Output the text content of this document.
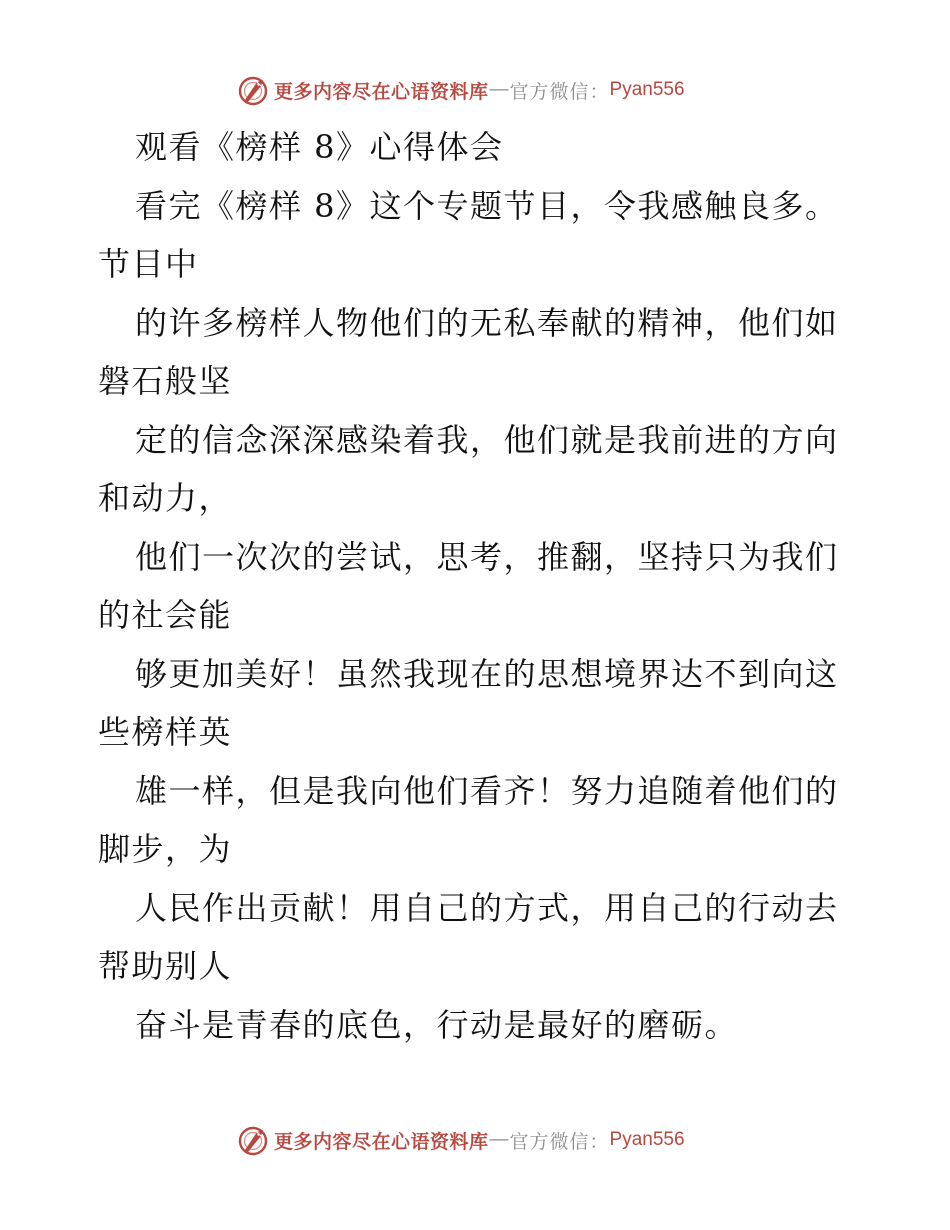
更多内容尽在心语资料库 — 官方微信： Pyan556
观看《榜样 8》心得体会
看完《榜样 8》这个专题节目，令我感触良多。
节目中
的许多榜样人物他们的无私奉献的精神，他们如
磐石般坚
定的信念深深感染着我，他们就是我前进的方向
和动力，
他们一次次的尝试，思考，推翻，坚持只为我们
的社会能
够更加美好！虽然我现在的思想境界达不到向这
些榜样英
雄一样，但是我向他们看齐！努力追随着他们的
脚步，为
人民作出贡献！用自己的方式，用自己的行动去
帮助别人
奋斗是青春的底色，行动是最好的磨砺。
更多内容尽在心语资料库 — 官方微信： Pyan556
